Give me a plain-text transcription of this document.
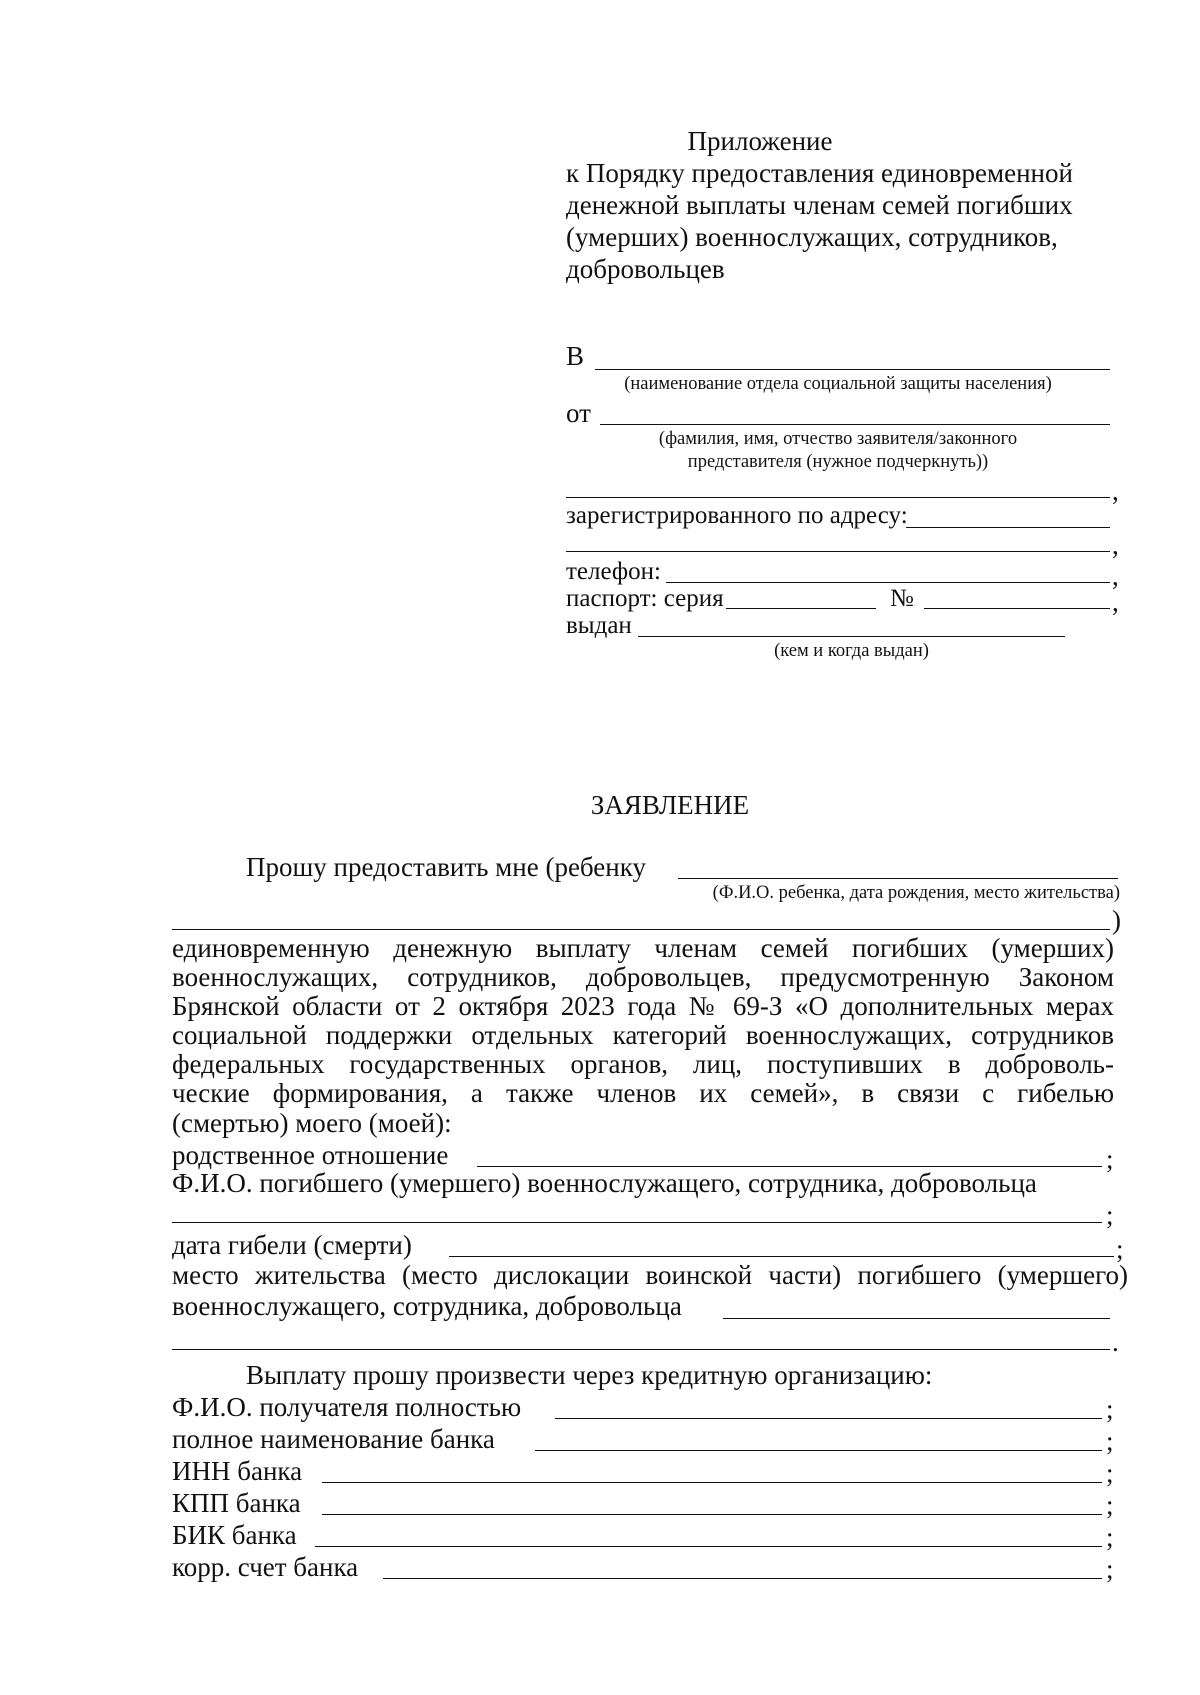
Приложение
к Порядку предоставления единовременной
денежной выплаты членам семей погибших
(умерших) военнослужащих, сотрудников,
добровольцев
В
(наименование отдела социальной защиты населения)
от
(фамилия, имя, отчество заявителя/законного
представителя (нужное подчеркнуть))
,
зарегистрированного по адресу:
,
телефон:	,
паспорт: серия	№	,
выдан
(кем и когда выдан)
ЗАЯВЛЕНИЕ
Прошу предоставить мне (ребенку
(Ф.И.О. ребенка, дата рождения, место жительства)
)
единовременную денежную выплату членам семей погибших (умерших)
военнослужащих, сотрудников, добровольцев, предусмотренную Законом
Брянской области от 2 октября 2023 года № 69-З «О дополнительных мерах
социальной поддержки отдельных категорий военнослужащих, сотрудников
федеральных государственных органов, лиц, поступивших в доброволь-
ческие формирования, а также членов их семей», в связи с гибелью
(смертью) моего (моей):
родственное отношение	;
Ф.И.О. погибшего (умершего) военнослужащего, сотрудника, добровольца
;
дата гибели (смерти)	;
место жительства (место дислокации воинской части) погибшего (умершего)
военнослужащего, сотрудника, добровольца
.
Выплату прошу произвести через кредитную организацию:
Ф.И.О. получателя полностью	;
полное наименование банка	;
ИНН банка	;
КПП банка	;
БИК банка	;
корр. счет банка	;
